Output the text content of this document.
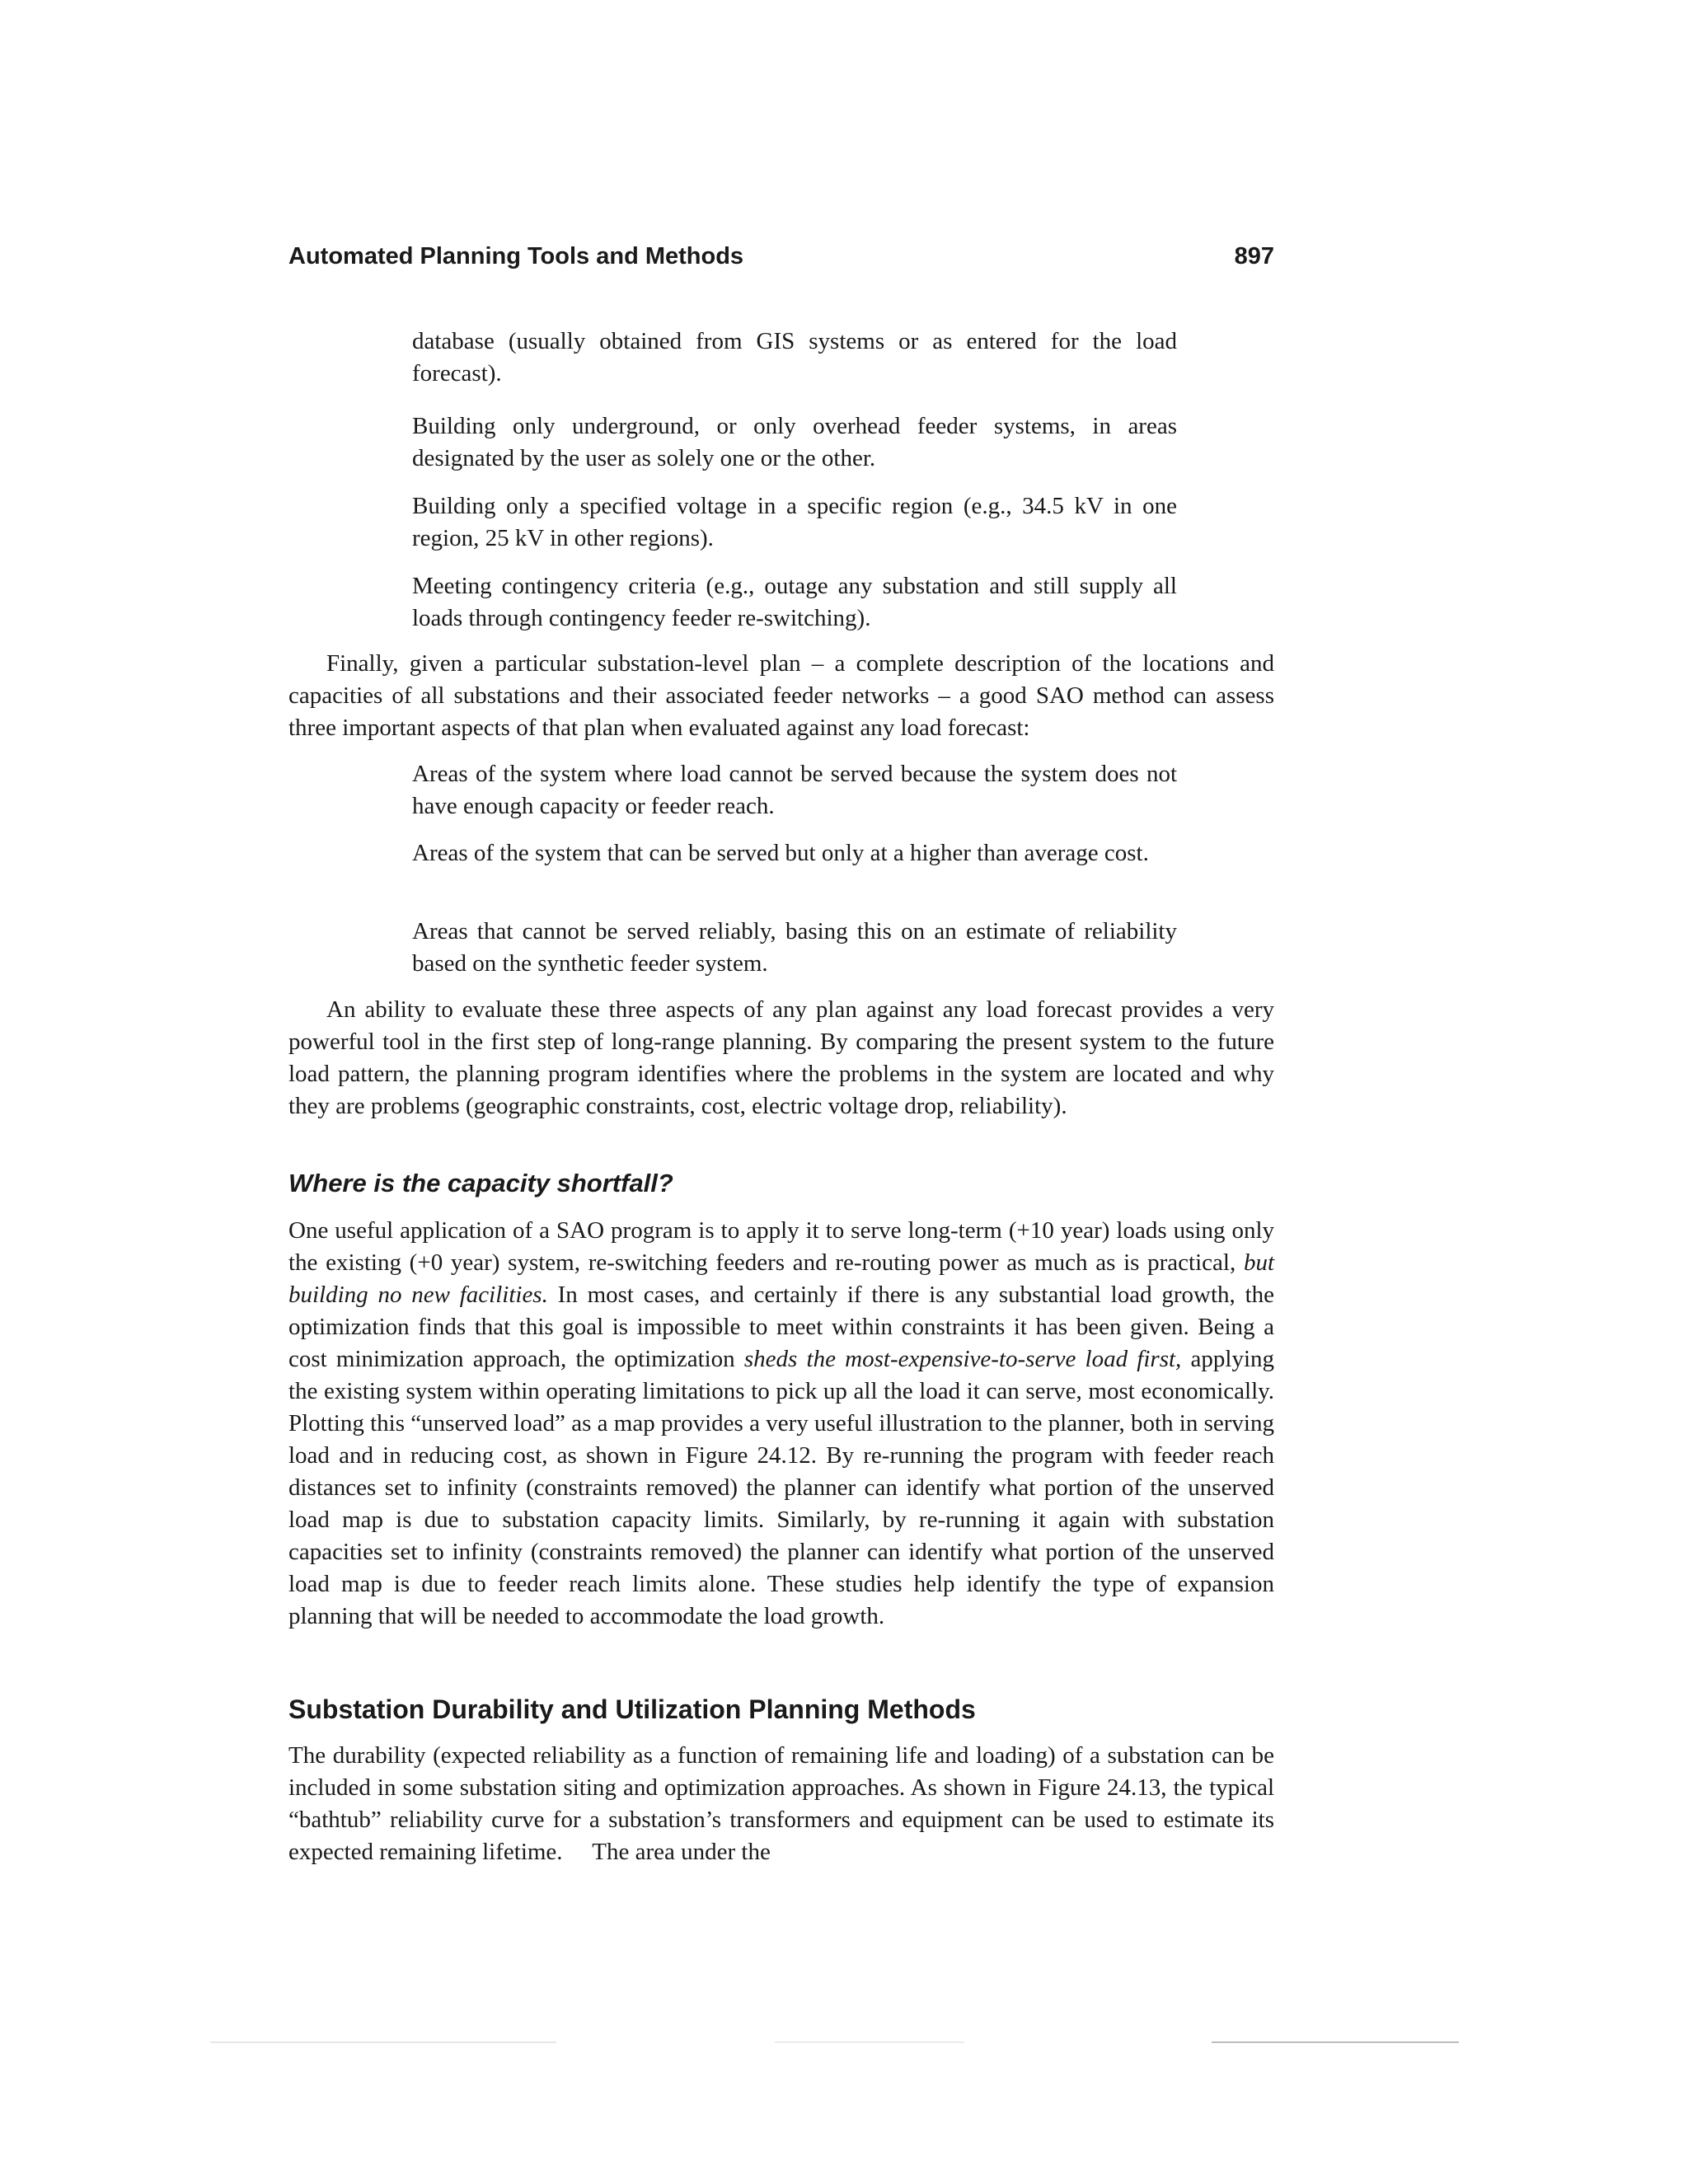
Automated Planning Tools and Methods	897

database (usually obtained from GIS systems or as entered for the load forecast).

Building only underground, or only overhead feeder systems, in areas designated by the user as solely one or the other.

Building only a specified voltage in a specific region (e.g., 34.5 kV in one region, 25 kV in other regions).

Meeting contingency criteria (e.g., outage any substation and still supply all loads through contingency feeder re-switching).

Finally, given a particular substation-level plan – a complete description of the locations and capacities of all substations and their associated feeder networks – a good SAO method can assess three important aspects of that plan when evaluated against any load forecast:

Areas of the system where load cannot be served because the system does not have enough capacity or feeder reach.

Areas of the system that can be served but only at a higher than average cost.

Areas that cannot be served reliably, basing this on an estimate of reliability based on the synthetic feeder system.

An ability to evaluate these three aspects of any plan against any load forecast provides a very powerful tool in the first step of long-range planning. By comparing the present system to the future load pattern, the planning program identifies where the problems in the system are located and why they are problems (geographic constraints, cost, electric voltage drop, reliability).

Where is the capacity shortfall?

One useful application of a SAO program is to apply it to serve long-term (+10 year) loads using only the existing (+0 year) system, re-switching feeders and re-routing power as much as is practical, but building no new facilities. In most cases, and certainly if there is any substantial load growth, the optimization finds that this goal is impossible to meet within constraints it has been given. Being a cost minimization approach, the optimization sheds the most-expensive-to-serve load first, applying the existing system within operating limitations to pick up all the load it can serve, most economically. Plotting this “unserved load” as a map provides a very useful illustration to the planner, both in serving load and in reducing cost, as shown in Figure 24.12. By re-running the program with feeder reach distances set to infinity (constraints removed) the planner can identify what portion of the unserved load map is due to substation capacity limits. Similarly, by re-running it again with substation capacities set to infinity (constraints removed) the planner can identify what portion of the unserved load map is due to feeder reach limits alone. These studies help identify the type of expansion planning that will be needed to accommodate the load growth.

Substation Durability and Utilization Planning Methods

The durability (expected reliability as a function of remaining life and loading) of a substation can be included in some substation siting and optimization approaches. As shown in Figure 24.13, the typical “bathtub” reliability curve for a substation’s transformers and equipment can be used to estimate its expected remaining lifetime.  The area under the
